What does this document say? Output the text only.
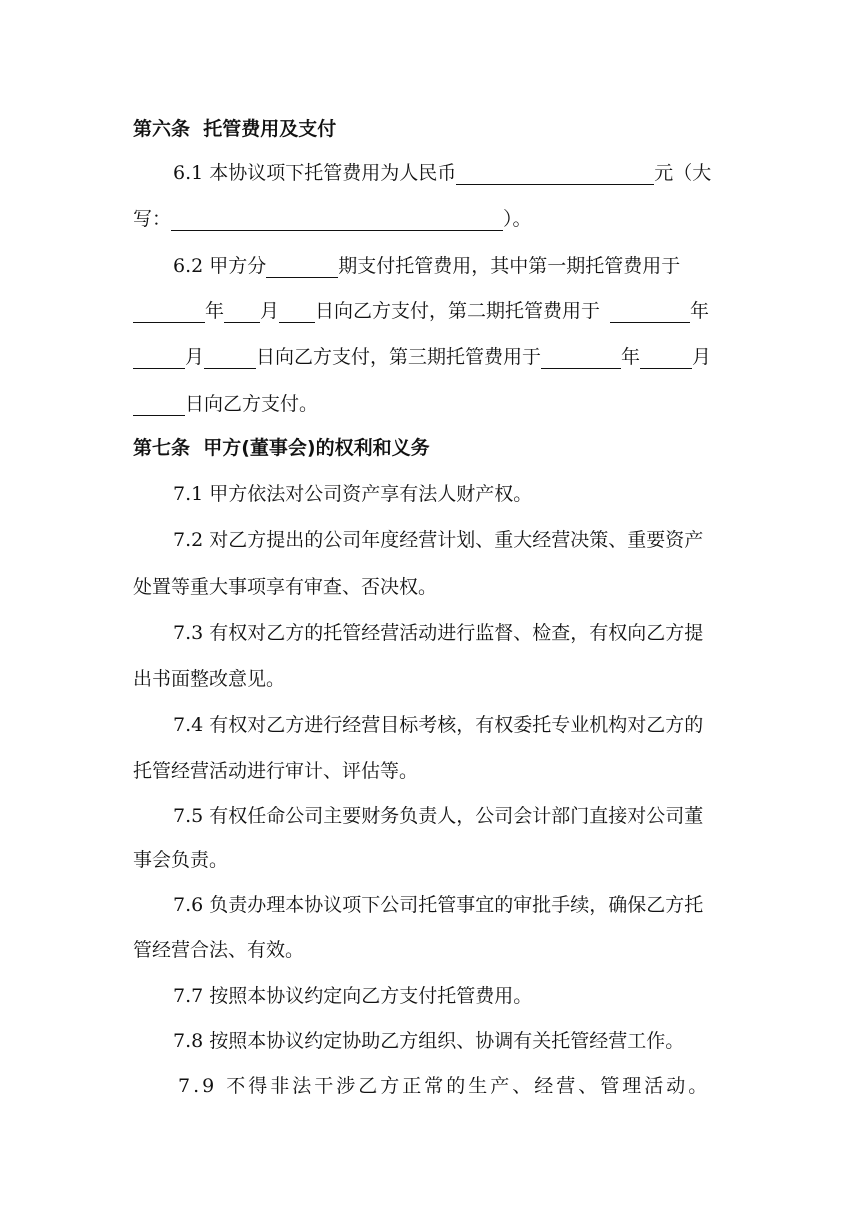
第六条  托管费用及支付
6.1 本协议项下托管费用为人民币	元（大
写：	）。
6.2 甲方分	期支付托管费用，其中第一期托管费用于
年 月 日向乙方支付，第二期托管费用于	年
月	日向乙方支付，第三期托管费用于	年	月
日向乙方支付。
第七条  甲方(董事会)的权利和义务
7.1 甲方依法对公司资产享有法人财产权。
7.2 对乙方提出的公司年度经营计划、重大经营决策、重要资产
处置等重大事项享有审查、否决权。
7.3 有权对乙方的托管经营活动进行监督、检查，有权向乙方提
出书面整改意见。
7.4 有权对乙方进行经营目标考核，有权委托专业机构对乙方的
托管经营活动进行审计、评估等。
7.5 有权任命公司主要财务负责人，公司会计部门直接对公司董
事会负责。
7.6 负责办理本协议项下公司托管事宜的审批手续，确保乙方托
管经营合法、有效。
7.7 按照本协议约定向乙方支付托管费用。
7.8 按照本协议约定协助乙方组织、协调有关托管经营工作。
7.9 不得非法干涉乙方正常的生产、经营、管理活动。
